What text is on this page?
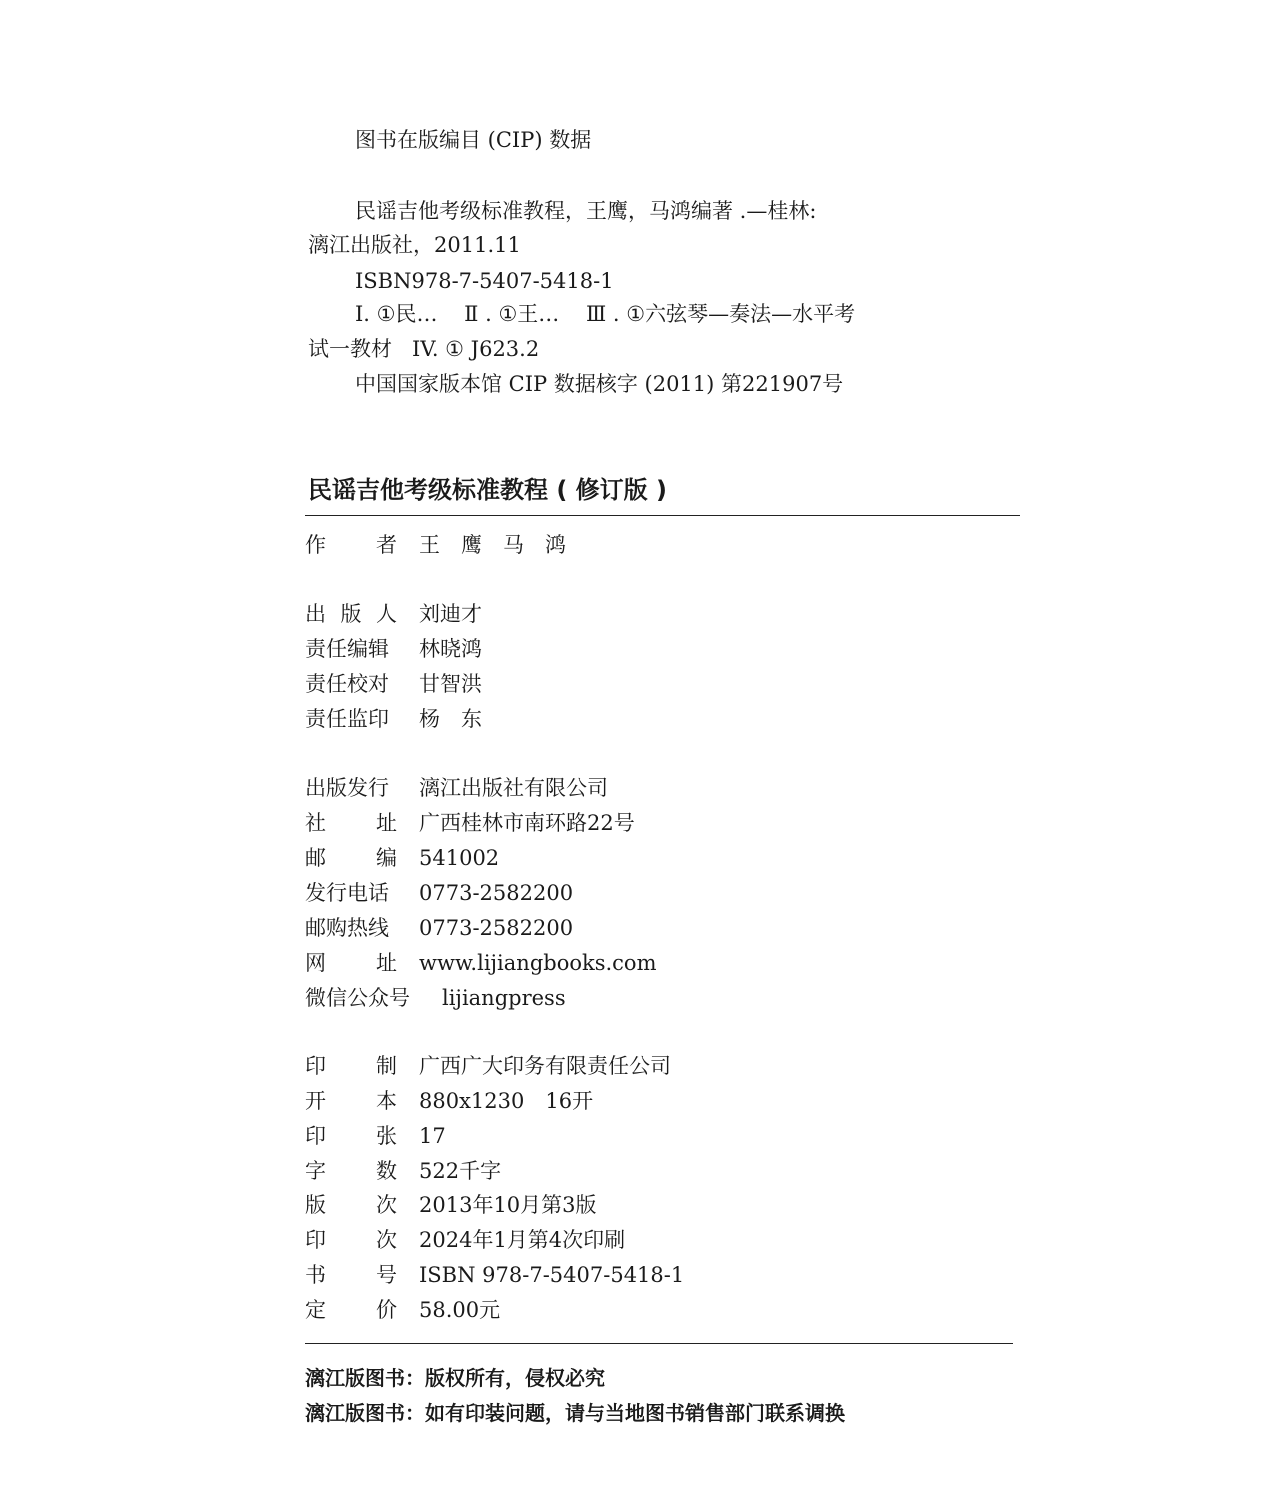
图书在版编目 (CIP) 数据
民谣吉他考级标准教程，王鹰，马鸿编著 .—桂林:
漓江出版社，2011.11
ISBN978-7-5407-5418-1
I. ①民…    Ⅱ . ①王…    Ⅲ . ①六弦琴—奏法—水平考
试一教材   IV. ① J623.2
中国国家版本馆 CIP 数据核字 (2011) 第221907号
民谣吉他考级标准教程 ( 修订版 )
作 者 王　鹰　马　鸿
出 版 人 刘迪才
责任编辑 林晓鸿
责任校对 甘智洪
责任监印 杨　东
出版发行 漓江出版社有限公司
社 址 广西桂林市南环路22号
邮 编 541002
发行电话 0773-2582200
邮购热线 0773-2582200
网 址 www.lijiangbooks.com
微信公众号 lijiangpress
印 制 广西广大印务有限责任公司
开 本 880x1230　16开
印 张 17
字 数 522千字
版 次 2013年10月第3版
印 次 2024年1月第4次印刷
书 号 ISBN 978-7-5407-5418-1
定 价 58.00元
漓江版图书：版权所有，侵权必究
漓江版图书：如有印装问题，请与当地图书销售部门联系调换
